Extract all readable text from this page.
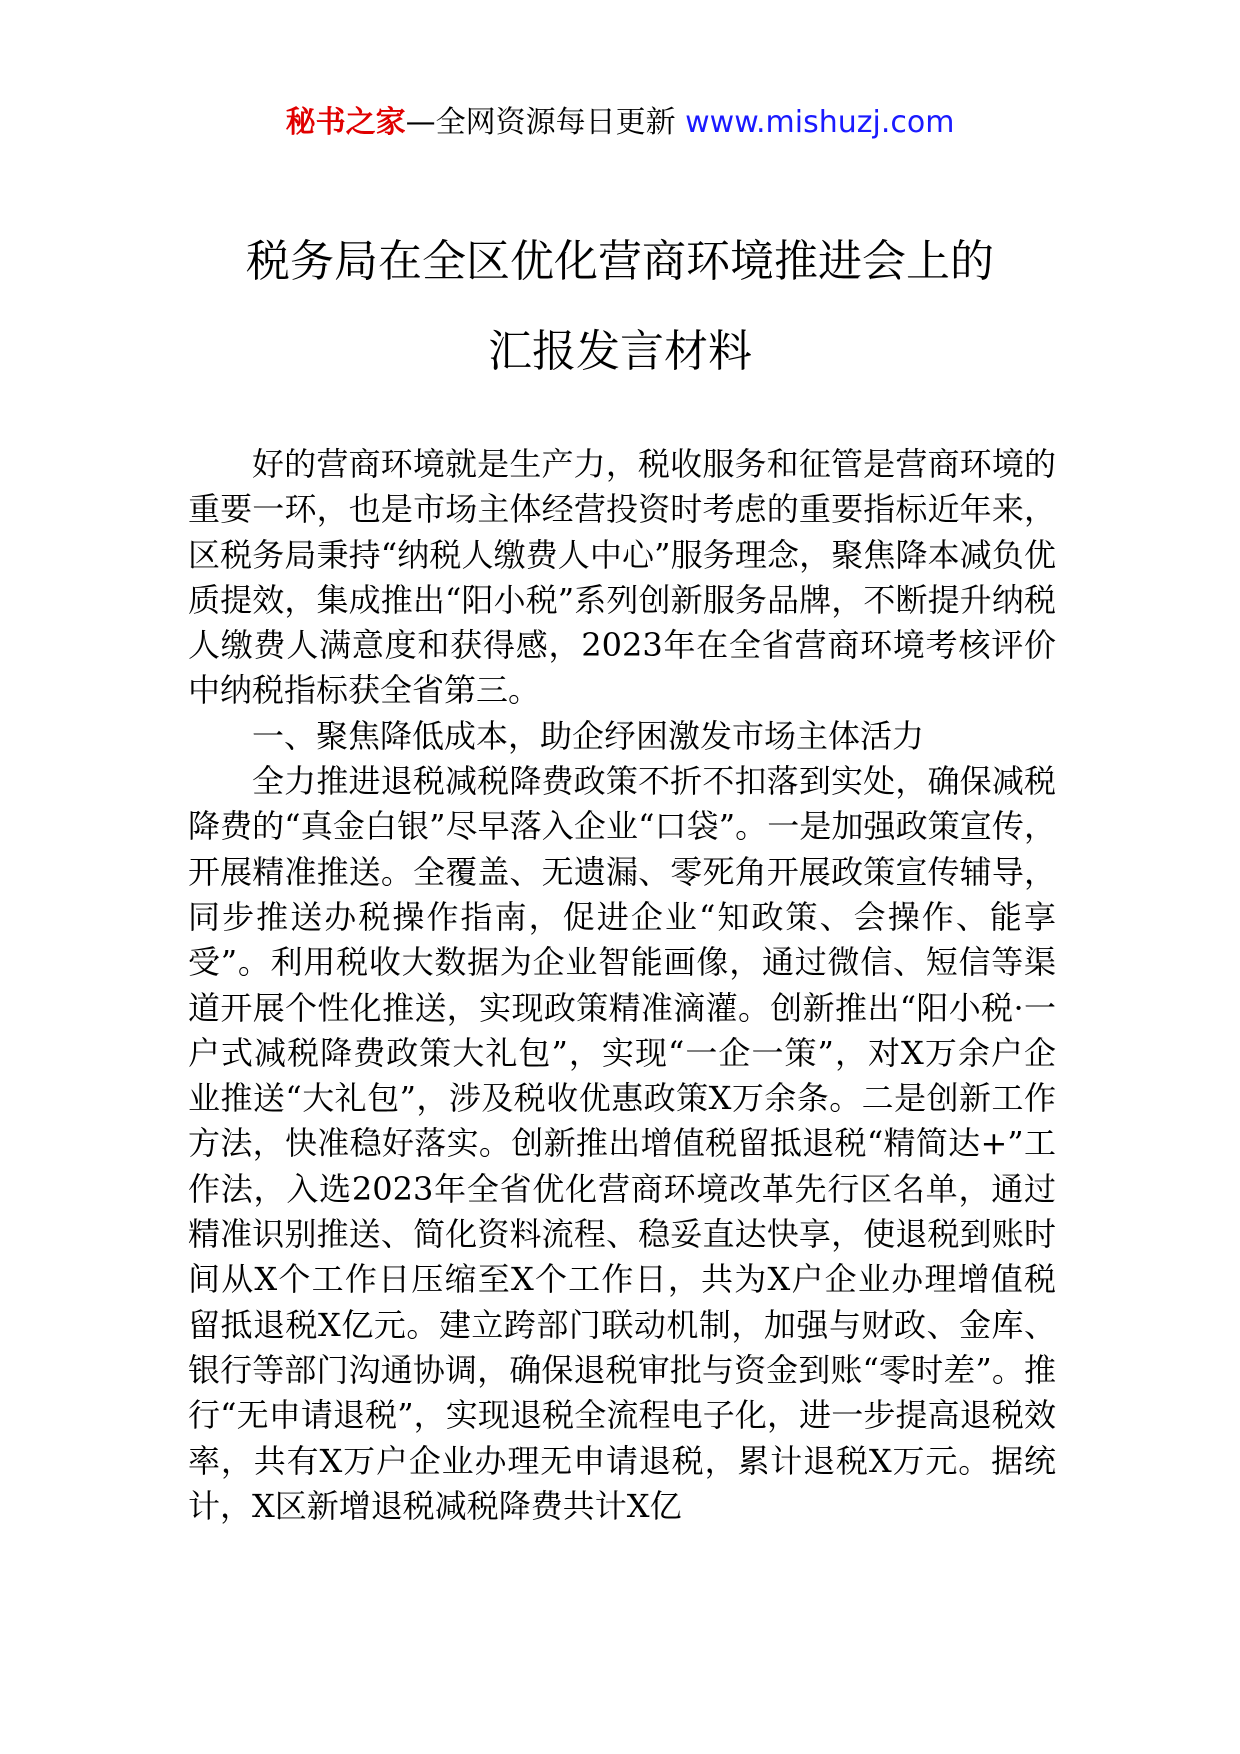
秘书之家—全网资源每日更新 www.mishuzj.com
税务局在全区优化营商环境推进会上的
汇报发言材料

好的营商环境就是生产力，税收服务和征管是营商环境的重要一环，也是市场主体经营投资时考虑的重要指标近年来，区税务局秉持“纳税人缴费人中心”服务理念，聚焦降本减负优质提效，集成推出“阳小税”系列创新服务品牌，不断提升纳税人缴费人满意度和获得感，2023年在全省营商环境考核评价中纳税指标获全省第三。

一、聚焦降低成本，助企纾困激发市场主体活力

全力推进退税减税降费政策不折不扣落到实处，确保减税降费的“真金白银”尽早落入企业“口袋”。一是加强政策宣传，开展精准推送。全覆盖、无遗漏、零死角开展政策宣传辅导，同步推送办税操作指南，促进企业“知政策、会操作、能享受”。利用税收大数据为企业智能画像，通过微信、短信等渠道开展个性化推送，实现政策精准滴灌。创新推出“阳小税·一户式减税降费政策大礼包”，实现“一企一策”，对X万余户企业推送“大礼包”，涉及税收优惠政策X万余条。二是创新工作方法，快准稳好落实。创新推出增值税留抵退税“精简达+”工作法，入选2023年全省优化营商环境改革先行区名单，通过精准识别推送、简化资料流程、稳妥直达快享，使退税到账时间从X个工作日压缩至X个工作日，共为X户企业办理增值税留抵退税X亿元。建立跨部门联动机制，加强与财政、金库、银行等部门沟通协调，确保退税审批与资金到账“零时差”。推行“无申请退税”，实现退税全流程电子化，进一步提高退税效率，共有X万户企业办理无申请退税，累计退税X万元。据统计，X区新增退税减税降费共计X亿
